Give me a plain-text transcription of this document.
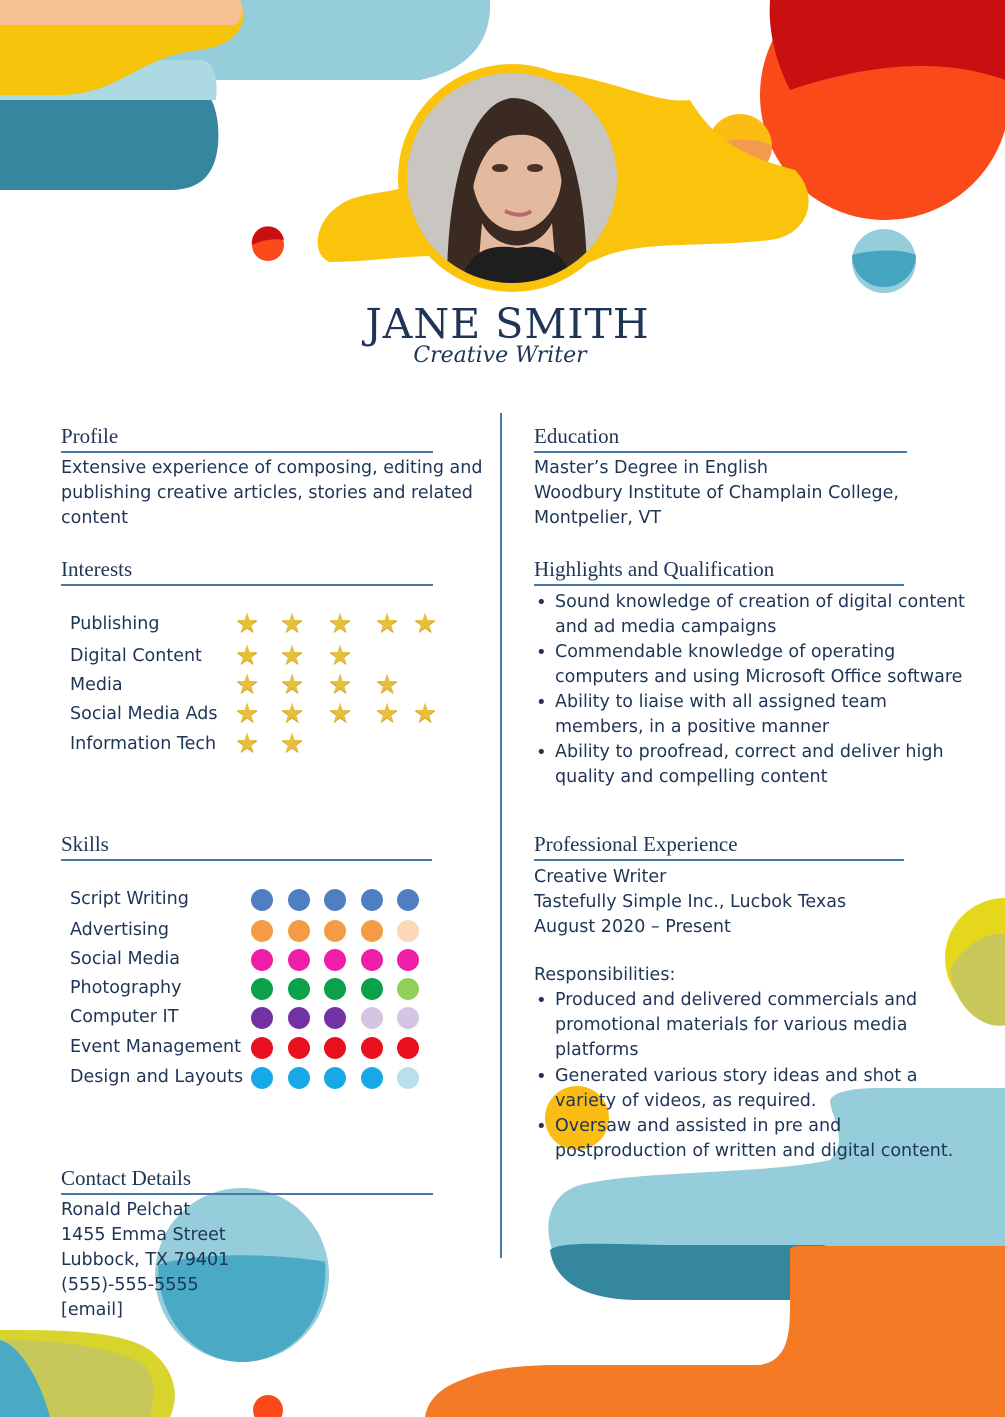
JANE SMITH
Creative Writer
Profile
Extensive experience of composing, editing and
publishing creative articles, stories and related
content
Interests
Publishing	★ ★ ★ ★ ★
Digital Content ★ ★ ★
Media	★ ★ ★ ★
Social Media Ads ★ ★ ★ ★ ★
Information Tech ★ ★
Skills
Script Writing
Advertising
Social Media
Photography
Computer IT
Event Management
Design and Layouts
Contact Details
Ronald Pelchat
1455 Emma Street
Lubbock, TX 79401
(555)-555-5555
[email]
Education
Master’s Degree in English
Woodbury Institute of Champlain College,
Montpelier, VT
Highlights and Qualification
• Sound knowledge of creation of digital content
and ad media campaigns
• Commendable knowledge of operating
computers and using Microsoft Office software
• Ability to liaise with all assigned team
members, in a positive manner
• Ability to proofread, correct and deliver high
quality and compelling content
Professional Experience
Creative Writer
Tastefully Simple Inc., Lucbok Texas
August 2020 – Present
Responsibilities:
• Produced and delivered commercials and
promotional materials for various media
platforms
• Generated various story ideas and shot a
variety of videos, as required.
• Oversaw and assisted in pre and
postproduction of written and digital content.
